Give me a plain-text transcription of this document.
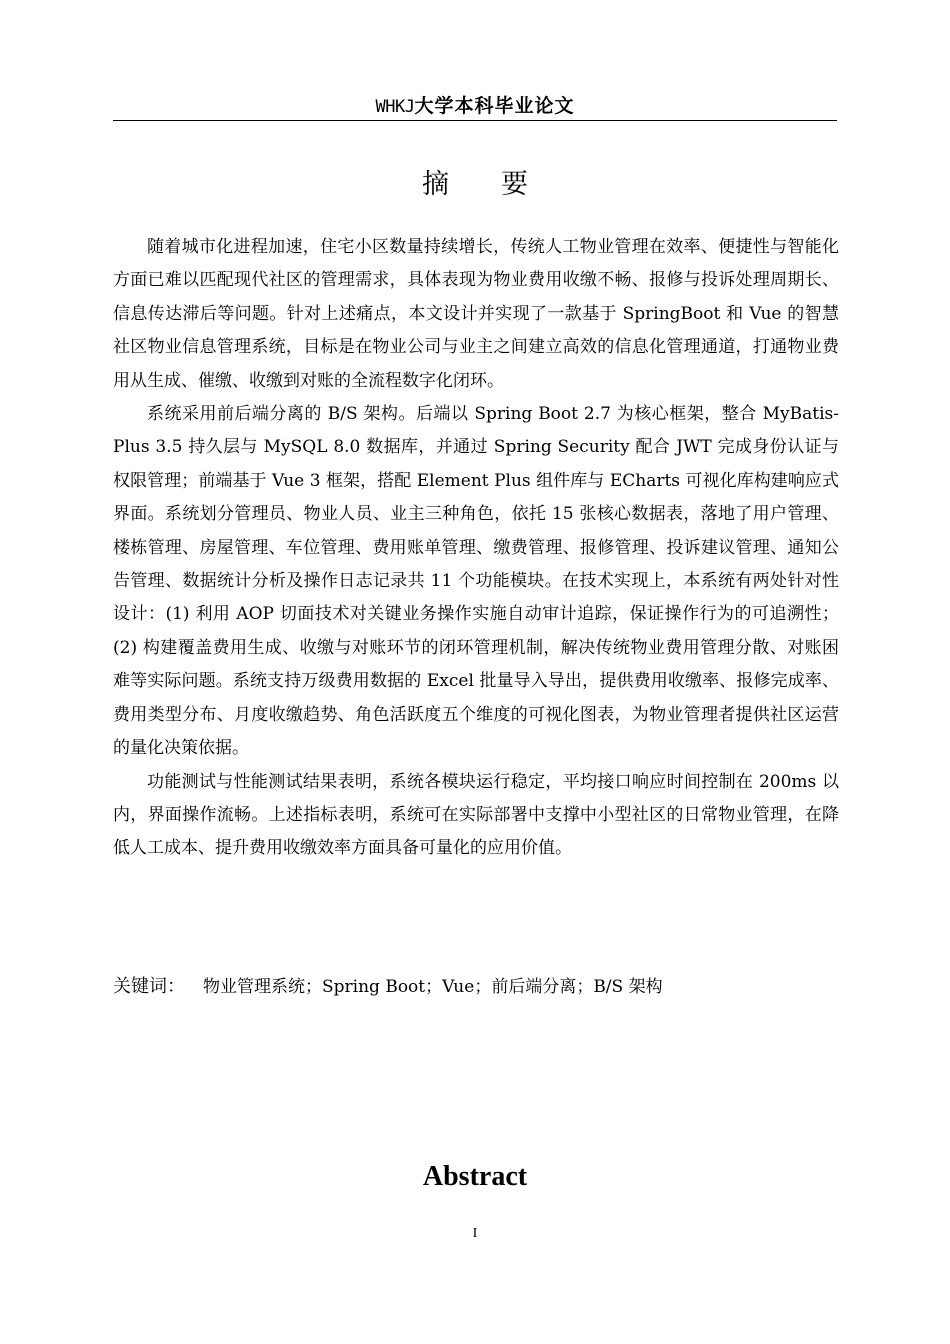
WHKJ大学本科毕业论文
摘要

随着城市化进程加速，住宅小区数量持续增长，传统人工物业管理在效率、便捷性与智能化方面已难以匹配现代社区的管理需求，具体表现为物业费用收缴不畅、报修与投诉处理周期长、信息传达滞后等问题。针对上述痛点，本文设计并实现了一款基于 SpringBoot 和 Vue 的智慧社区物业信息管理系统，目标是在物业公司与业主之间建立高效的信息化管理通道，打通物业费用从生成、催缴、收缴到对账的全流程数字化闭环。

系统采用前后端分离的 B/S 架构。后端以 Spring Boot 2.7 为核心框架，整合 MyBatis-Plus 3.5 持久层与 MySQL 8.0 数据库，并通过 Spring Security 配合 JWT 完成身份认证与权限管理；前端基于 Vue 3 框架，搭配 Element Plus 组件库与 ECharts 可视化库构建响应式界面。系统划分管理员、物业人员、业主三种角色，依托 15 张核心数据表，落地了用户管理、楼栋管理、房屋管理、车位管理、费用账单管理、缴费管理、报修管理、投诉建议管理、通知公告管理、数据统计分析及操作日志记录共 11 个功能模块。在技术实现上，本系统有两处针对性设计：(1) 利用 AOP 切面技术对关键业务操作实施自动审计追踪，保证操作行为的可追溯性；(2) 构建覆盖费用生成、收缴与对账环节的闭环管理机制，解决传统物业费用管理分散、对账困难等实际问题。系统支持万级费用数据的 Excel 批量导入导出，提供费用收缴率、报修完成率、费用类型分布、月度收缴趋势、角色活跃度五个维度的可视化图表，为物业管理者提供社区运营的量化决策依据。

功能测试与性能测试结果表明，系统各模块运行稳定，平均接口响应时间控制在 200ms 以内，界面操作流畅。上述指标表明，系统可在实际部署中支撑中小型社区的日常物业管理，在降低人工成本、提升费用收缴效率方面具备可量化的应用价值。

关键词： 物业管理系统；Spring Boot；Vue；前后端分离；B/S 架构
Abstract
I
